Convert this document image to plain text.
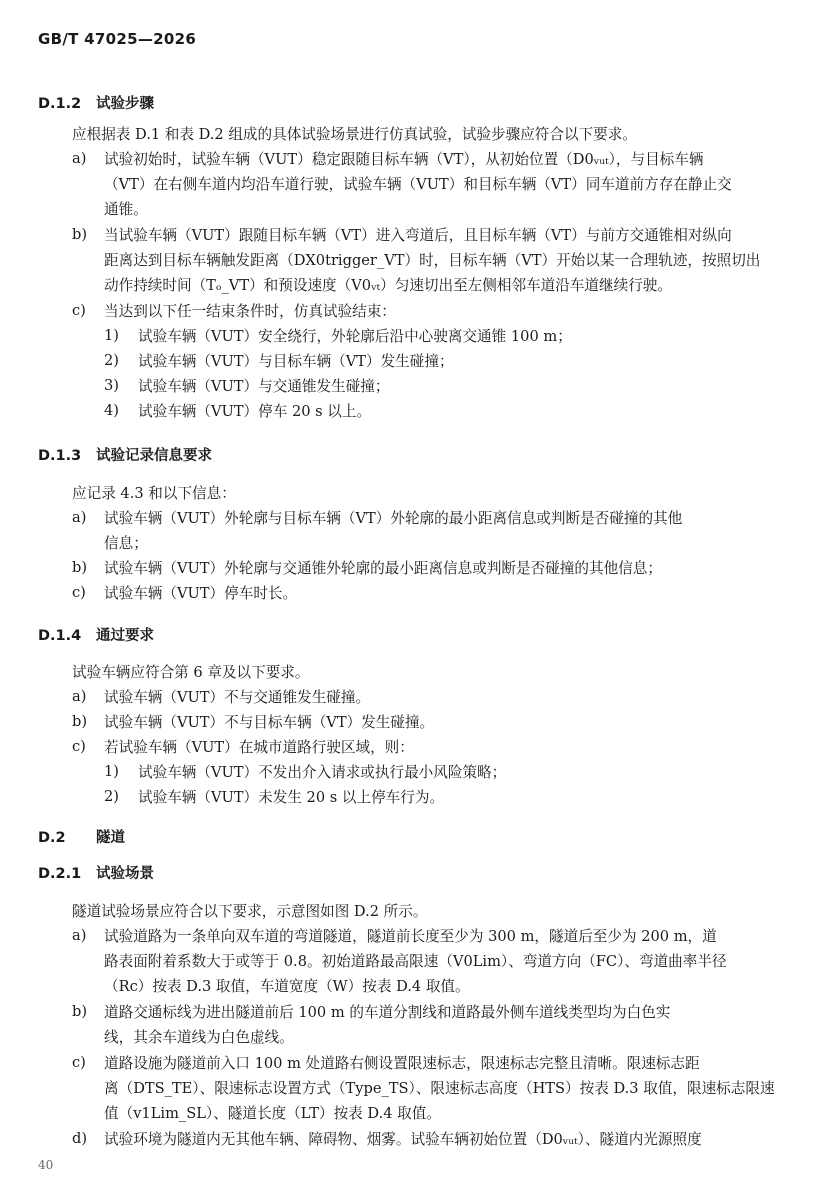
GB/T 47025—2026
D.1.2 试验步骤
应根据表 D.1 和表 D.2 组成的具体试验场景进行仿真试验，试验步骤应符合以下要求。
a) 试验初始时，试验车辆（VUT）稳定跟随目标车辆（VT），从初始位置（D0ᵥᵤₜ），与目标车辆
（VT）在右侧车道内均沿车道行驶，试验车辆（VUT）和目标车辆（VT）同车道前方存在静止交
通锥。
b) 当试验车辆（VUT）跟随目标车辆（VT）进入弯道后，且目标车辆（VT）与前方交通锥相对纵向
距离达到目标车辆触发距离（DX0trigger_VT）时，目标车辆（VT）开始以某一合理轨迹，按照切出
动作持续时间（Tₒ_VT）和预设速度（V0ᵥₜ）匀速切出至左侧相邻车道沿车道继续行驶。
c) 当达到以下任一结束条件时，仿真试验结束：
1) 试验车辆（VUT）安全绕行，外轮廓后沿中心驶离交通锥 100 m；
2) 试验车辆（VUT）与目标车辆（VT）发生碰撞；
3) 试验车辆（VUT）与交通锥发生碰撞；
4) 试验车辆（VUT）停车 20 s 以上。
D.1.3 试验记录信息要求
应记录 4.3 和以下信息：
a) 试验车辆（VUT）外轮廓与目标车辆（VT）外轮廓的最小距离信息或判断是否碰撞的其他
信息；
b) 试验车辆（VUT）外轮廓与交通锥外轮廓的最小距离信息或判断是否碰撞的其他信息；
c) 试验车辆（VUT）停车时长。
D.1.4 通过要求
试验车辆应符合第 6 章及以下要求。
a) 试验车辆（VUT）不与交通锥发生碰撞。
b) 试验车辆（VUT）不与目标车辆（VT）发生碰撞。
c) 若试验车辆（VUT）在城市道路行驶区域，则：
1) 试验车辆（VUT）不发出介入请求或执行最小风险策略；
2) 试验车辆（VUT）未发生 20 s 以上停车行为。
D.2 隧道
D.2.1 试验场景
隧道试验场景应符合以下要求，示意图如图 D.2 所示。
a) 试验道路为一条单向双车道的弯道隧道，隧道前长度至少为 300 m，隧道后至少为 200 m，道
路表面附着系数大于或等于 0.8。初始道路最高限速（V0Lim）、弯道方向（FC）、弯道曲率半径
（Rc）按表 D.3 取值，车道宽度（W）按表 D.4 取值。
b) 道路交通标线为进出隧道前后 100 m 的车道分割线和道路最外侧车道线类型均为白色实
线，其余车道线为白色虚线。
c) 道路设施为隧道前入口 100 m 处道路右侧设置限速标志，限速标志完整且清晰。限速标志距
离（DTS_TE）、限速标志设置方式（Type_TS）、限速标志高度（HTS）按表 D.3 取值，限速标志限速
值（v1Lim_SL）、隧道长度（LT）按表 D.4 取值。
d) 试验环境为隧道内无其他车辆、障碍物、烟雾。试验车辆初始位置（D0ᵥᵤₜ）、隧道内光源照度
40
